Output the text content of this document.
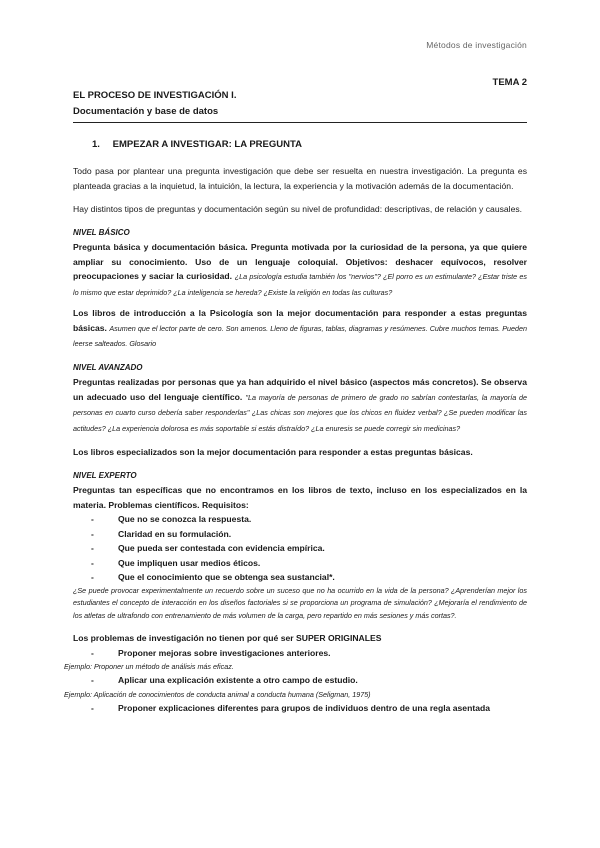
Métodos de investigación
TEMA 2
EL PROCESO DE INVESTIGACIÓN I.
Documentación y base de datos
1. EMPEZAR A INVESTIGAR: LA PREGUNTA

Todo pasa por plantear una pregunta investigación que debe ser resuelta en nuestra investigación. La pregunta es planteada gracias a la inquietud, la intuición, la lectura, la experiencia y la motivación además de la documentación.

Hay distintos tipos de preguntas y documentación según su nivel de profundidad: descriptivas, de relación y causales.

NIVEL BÁSICO

Pregunta básica y documentación básica. Pregunta motivada por la curiosidad de la persona, ya que quiere ampliar su conocimiento. Uso de un lenguaje coloquial. Objetivos: deshacer equívocos, resolver preocupaciones y saciar la curiosidad. ¿La psicología estudia también los "nervios"? ¿El porro es un estimulante? ¿Estar triste es lo mismo que estar deprimido? ¿La inteligencia se hereda? ¿Existe la religión en todas las culturas?

Los libros de introducción a la Psicología son la mejor documentación para responder a estas preguntas básicas. Asumen que el lector parte de cero. Son amenos. Lleno de figuras, tablas, diagramas y resúmenes. Cubre muchos temas. Pueden leerse salteados. Glosario

NIVEL AVANZADO

Preguntas realizadas por personas que ya han adquirido el nivel básico (aspectos más concretos). Se observa un adecuado uso del lenguaje científico. "La mayoría de personas de primero de grado no sabrían contestarlas, la mayoría de personas en cuarto curso debería saber responderlas" ¿Las chicas son mejores que los chicos en fluidez verbal? ¿Se pueden modificar las actitudes? ¿La experiencia dolorosa es más soportable si estás distraído? ¿La enuresis se puede corregir sin medicinas?

Los libros especializados son la mejor documentación para responder a estas preguntas básicas.

NIVEL EXPERTO

Preguntas tan específicas que no encontramos en los libros de texto, incluso en los especializados en la materia. Problemas científicos. Requisitos:

- Que no se conozca la respuesta.
- Claridad en su formulación.
- Que pueda ser contestada con evidencia empírica.
- Que impliquen usar medios éticos.
- Que el conocimiento que se obtenga sea sustancial*.

¿Se puede provocar experimentalmente un recuerdo sobre un suceso que no ha ocurrido en la vida de la persona? ¿Aprenderían mejor los estudiantes el concepto de interacción en los diseños factoriales si se proporciona un programa de simulación? ¿Mejoraría el rendimiento de los atletas de ultrafondo con entrenamiento de más volumen de la carga, pero repartido en más sesiones y más cortas?.

Los problemas de investigación no tienen por qué ser SUPER ORIGINALES

- Proponer mejoras sobre investigaciones anteriores.
Ejemplo: Proponer un método de análisis más eficaz.
- Aplicar una explicación existente a otro campo de estudio.
Ejemplo: Aplicación de conocimientos de conducta animal a conducta humana (Seligman, 1975)
- Proponer explicaciones diferentes para grupos de individuos dentro de una regla asentada
